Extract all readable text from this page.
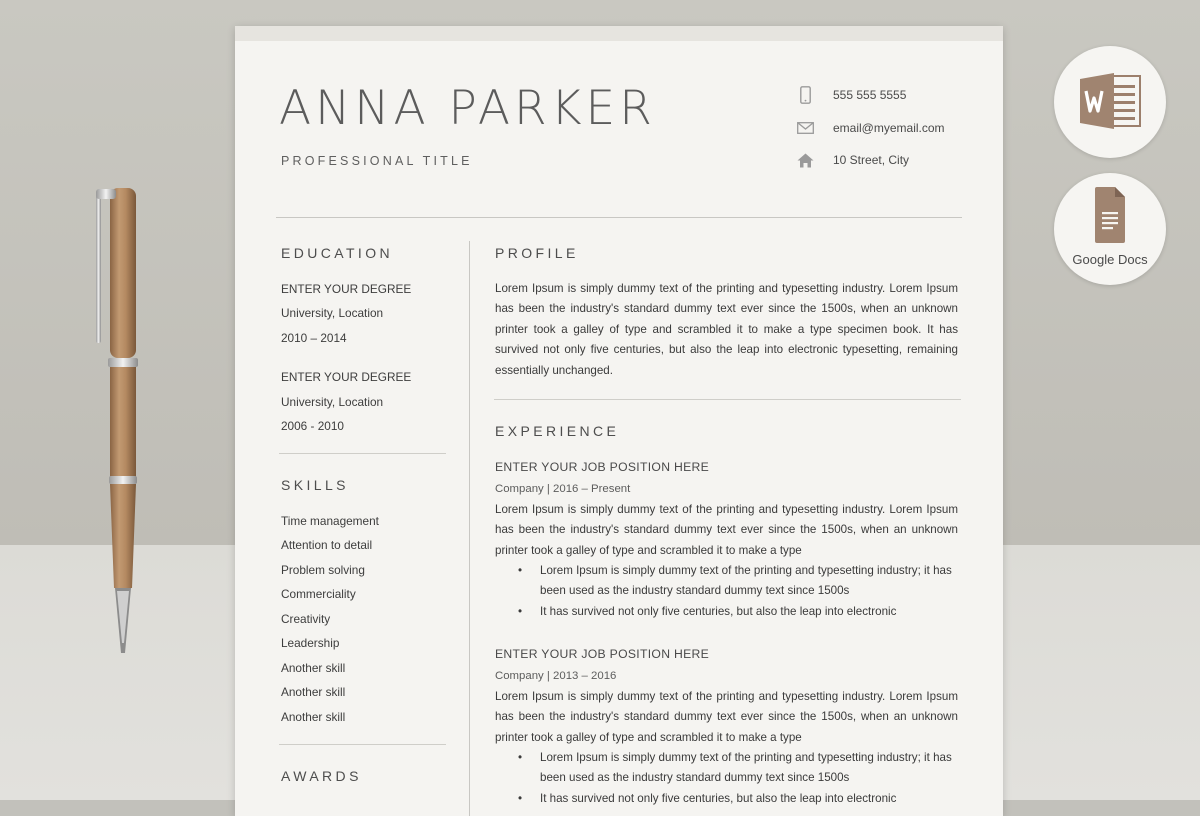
ANNA PARKER
PROFESSIONAL TITLE
555 555 5555
email@myemail.com
10 Street, City
EDUCATION
ENTER YOUR DEGREE
University, Location
2010 – 2014
ENTER YOUR DEGREE
University, Location
2006 - 2010
SKILLS
Time management
Attention to detail
Problem solving
Commerciality
Creativity
Leadership
Another skill
Another skill
Another skill
AWARDS
PROFILE

Lorem Ipsum is simply dummy text of the printing and typesetting industry. Lorem Ipsum has been the industry's standard dummy text ever since the 1500s, when an unknown printer took a galley of type and scrambled it to make a type specimen book. It has survived not only five centuries, but also the leap into electronic typesetting, remaining essentially unchanged.

EXPERIENCE
ENTER YOUR JOB POSITION HERE
Company | 2016 – Present

Lorem Ipsum is simply dummy text of the printing and typesetting industry. Lorem Ipsum has been the industry's standard dummy text ever since the 1500s, when an unknown printer took a galley of type and scrambled it to make a type

• Lorem Ipsum is simply dummy text of the printing and typesetting industry; it has been used as the industry standard dummy text since 1500s
• It has survived not only five centuries, but also the leap into electronic
ENTER YOUR JOB POSITION HERE
Company | 2013 – 2016

Lorem Ipsum is simply dummy text of the printing and typesetting industry. Lorem Ipsum has been the industry's standard dummy text ever since the 1500s, when an unknown printer took a galley of type and scrambled it to make a type

• Lorem Ipsum is simply dummy text of the printing and typesetting industry; it has been used as the industry standard dummy text since 1500s
• It has survived not only five centuries, but also the leap into electronic
Google Docs
